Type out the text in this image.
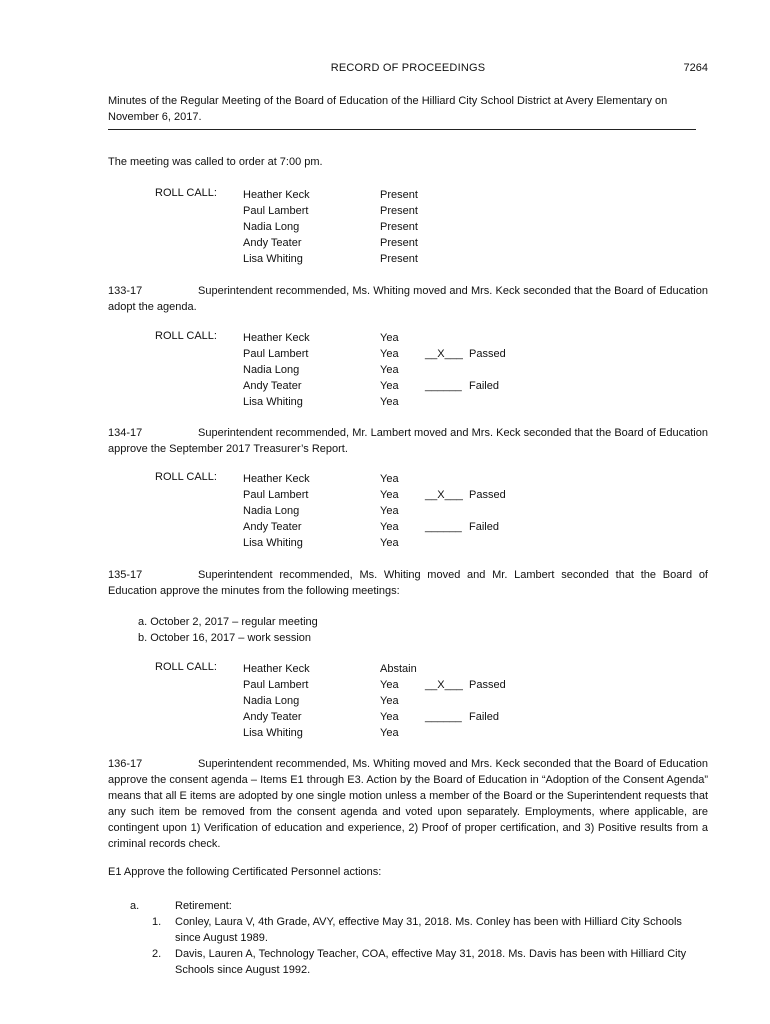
RECORD OF PROCEEDINGS	7264
Minutes of the Regular Meeting of the Board of Education of the Hilliard City School District at Avery Elementary on November 6, 2017.
The meeting was called to order at 7:00 pm.
ROLL CALL: Heather Keck	Present
Paul Lambert	Present
Nadia Long	Present
Andy Teater	Present
Lisa Whiting	Present
133-17	Superintendent recommended, Ms. Whiting moved and Mrs. Keck seconded that the Board of Education adopt the agenda.
ROLL CALL: Heather Keck	Yea
Paul Lambert	Yea __X___ Passed
Nadia Long	Yea
Andy Teater	Yea ______ Failed
Lisa Whiting	Yea
134-17	Superintendent recommended, Mr. Lambert moved and Mrs. Keck seconded that the Board of Education approve the September 2017 Treasurer’s Report.
ROLL CALL: Heather Keck	Yea
Paul Lambert	Yea __X___ Passed
Nadia Long	Yea
Andy Teater	Yea ______ Failed
Lisa Whiting	Yea
135-17	Superintendent recommended, Ms. Whiting moved and Mr. Lambert seconded that the Board of Education approve the minutes from the following meetings:
a. October 2, 2017 – regular meeting
b. October 16, 2017 – work session
ROLL CALL: Heather Keck	Abstain
Paul Lambert	Yea __X___ Passed
Nadia Long	Yea
Andy Teater	Yea ______ Failed
Lisa Whiting	Yea
136-17	Superintendent recommended, Ms. Whiting moved and Mrs. Keck seconded that the Board of Education approve the consent agenda – Items E1 through E3. Action by the Board of Education in “Adoption of the Consent Agenda” means that all E items are adopted by one single motion unless a member of the Board or the Superintendent requests that any such item be removed from the consent agenda and voted upon separately. Employments, where applicable, are contingent upon 1) Verification of education and experience, 2) Proof of proper certification, and 3) Positive results from a criminal records check.
E1 Approve the following Certificated Personnel actions:
a.	Retirement:
1. Conley, Laura V, 4th Grade, AVY, effective May 31, 2018. Ms. Conley has been with Hilliard City Schools since August 1989.
2. Davis, Lauren A, Technology Teacher, COA, effective May 31, 2018. Ms. Davis has been with Hilliard City Schools since August 1992.
